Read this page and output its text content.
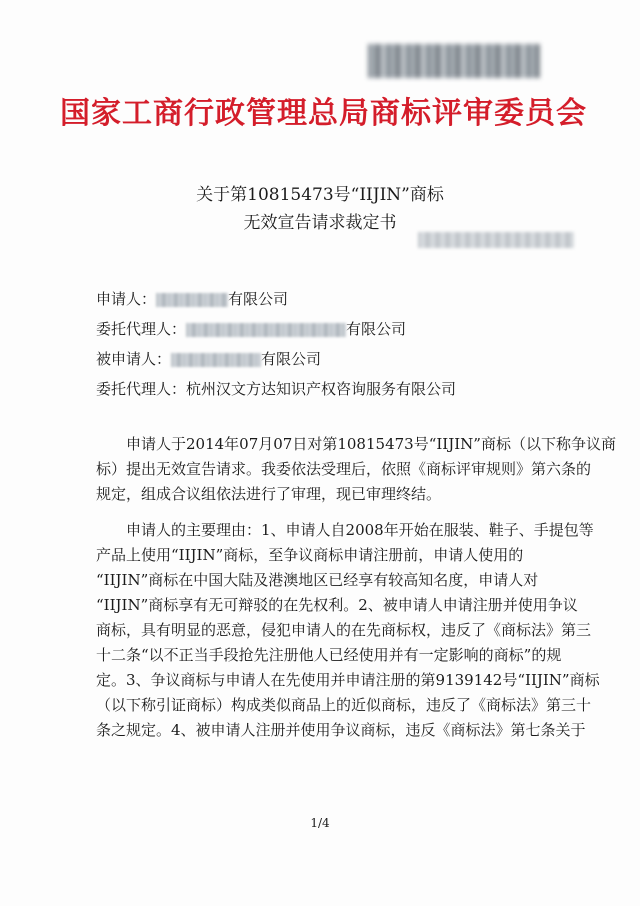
国家工商行政管理总局商标评审委员会
关于第10815473号“IIJIN”商标
无效宣告请求裁定书
申请人：	有限公司
委托代理人：	有限公司
被申请人：	有限公司
委托代理人：杭州汉文方达知识产权咨询服务有限公司
申请人于2014年07月07日对第10815473号“IIJIN”商标（以下称争议商
标）提出无效宣告请求。我委依法受理后，依照《商标评审规则》第六条的
规定，组成合议组依法进行了审理，现已审理终结。
申请人的主要理由：1、申请人自2008年开始在服装、鞋子、手提包等
产品上使用“IIJIN”商标，至争议商标申请注册前，申请人使用的
“IIJIN”商标在中国大陆及港澳地区已经享有较高知名度，申请人对
“IIJIN”商标享有无可辩驳的在先权利。2、被申请人申请注册并使用争议
商标，具有明显的恶意，侵犯申请人的在先商标权，违反了《商标法》第三
十二条“以不正当手段抢先注册他人已经使用并有一定影响的商标”的规
定。3、争议商标与申请人在先使用并申请注册的第9139142号“IIJIN”商标
（以下称引证商标）构成类似商品上的近似商标，违反了《商标法》第三十
条之规定。4、被申请人注册并使用争议商标，违反《商标法》第七条关于
1/4
